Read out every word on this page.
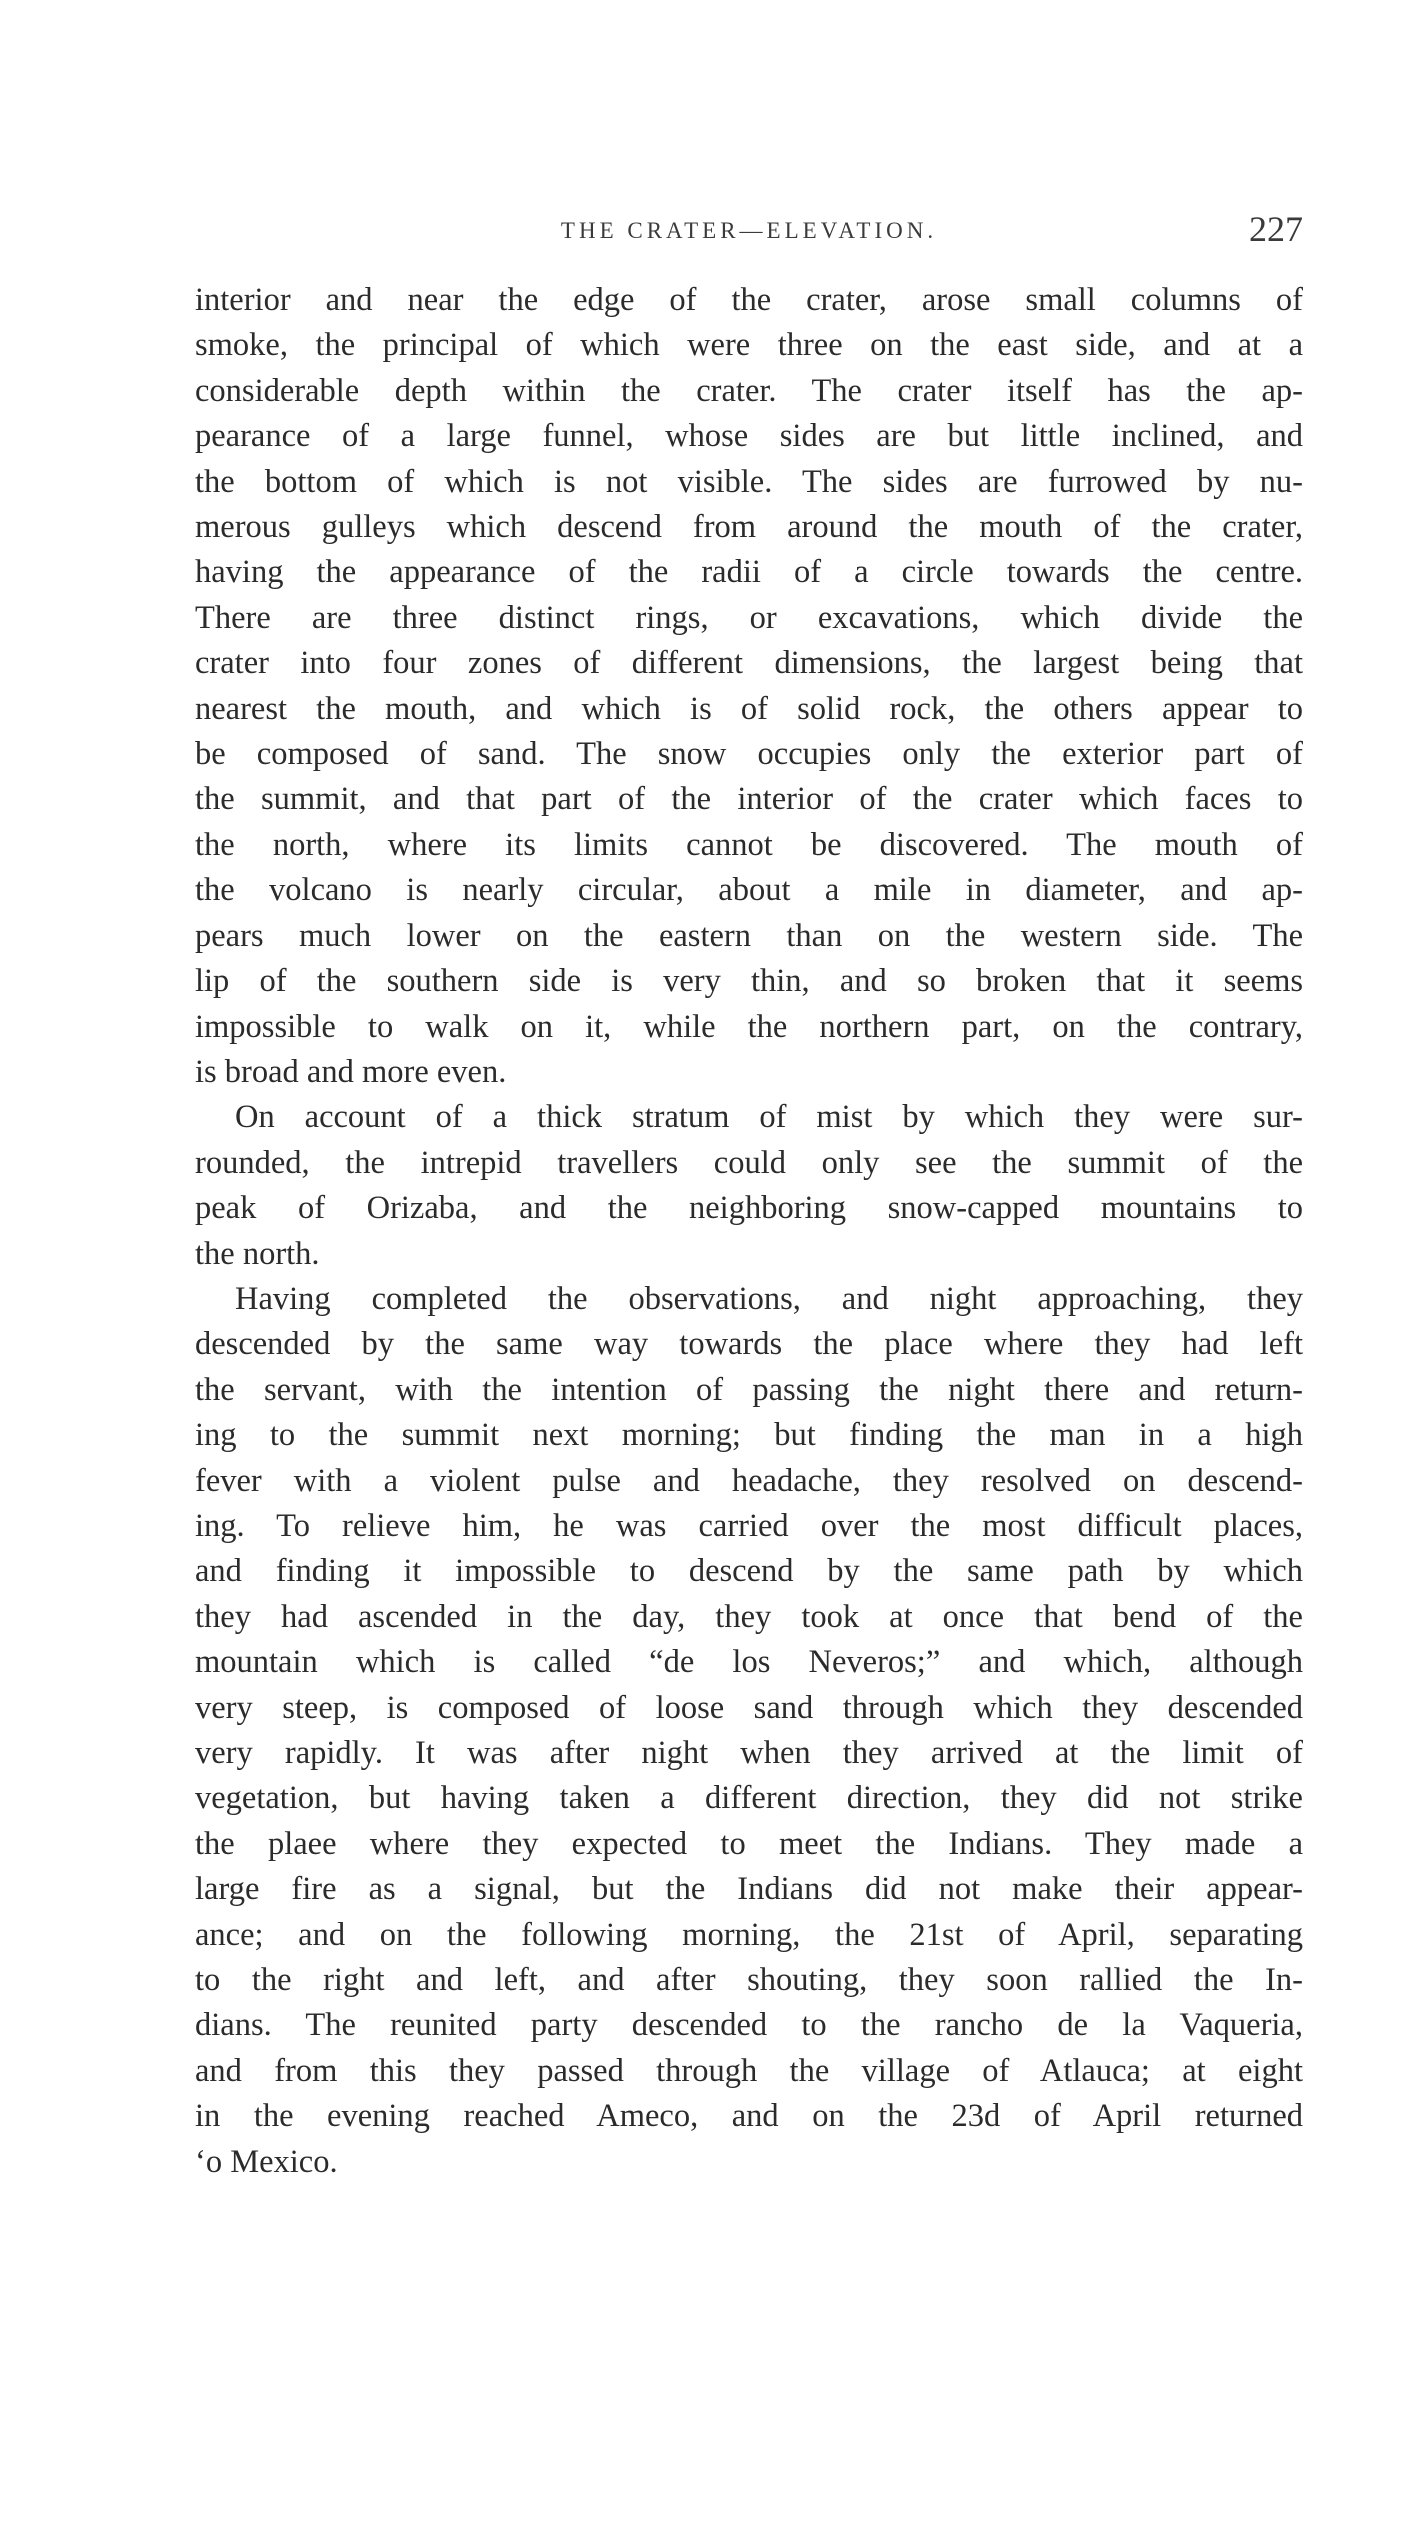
THE CRATER—ELEVATION.	227
interior and near the edge of the crater, arose small columns of
smoke, the principal of which were three on the east side, and at a
considerable depth within the crater. The crater itself has the ap-
pearance of a large funnel, whose sides are but little inclined, and
the bottom of which is not visible. The sides are furrowed by nu-
merous gulleys which descend from around the mouth of the crater,
having the appearance of the radii of a circle towards the centre.
There are three distinct rings, or excavations, which divide the
crater into four zones of different dimensions, the largest being that
nearest the mouth, and which is of solid rock, the others appear to
be composed of sand. The snow occupies only the exterior part of
the summit, and that part of the interior of the crater which faces to
the north, where its limits cannot be discovered. The mouth of
the volcano is nearly circular, about a mile in diameter, and ap-
pears much lower on the eastern than on the western side. The
lip of the southern side is very thin, and so broken that it seems
impossible to walk on it, while the northern part, on the contrary,
is broad and more even.
On account of a thick stratum of mist by which they were sur-
rounded, the intrepid travellers could only see the summit of the
peak of Orizaba, and the neighboring snow-capped mountains to
the north.
Having completed the observations, and night approaching, they
descended by the same way towards the place where they had left
the servant, with the intention of passing the night there and return-
ing to the summit next morning; but finding the man in a high
fever with a violent pulse and headache, they resolved on descend-
ing. To relieve him, he was carried over the most difficult places,
and finding it impossible to descend by the same path by which
they had ascended in the day, they took at once that bend of the
mountain which is called “de los Neveros;” and which, although
very steep, is composed of loose sand through which they descended
very rapidly. It was after night when they arrived at the limit of
vegetation, but having taken a different direction, they did not strike
the plaee where they expected to meet the Indians. They made a
large fire as a signal, but the Indians did not make their appear-
ance; and on the following morning, the 21st of April, separating
to the right and left, and after shouting, they soon rallied the In-
dians. The reunited party descended to the rancho de la Vaqueria,
and from this they passed through the village of Atlauca; at eight
in the evening reached Ameco, and on the 23d of April returned
‘o Mexico.
